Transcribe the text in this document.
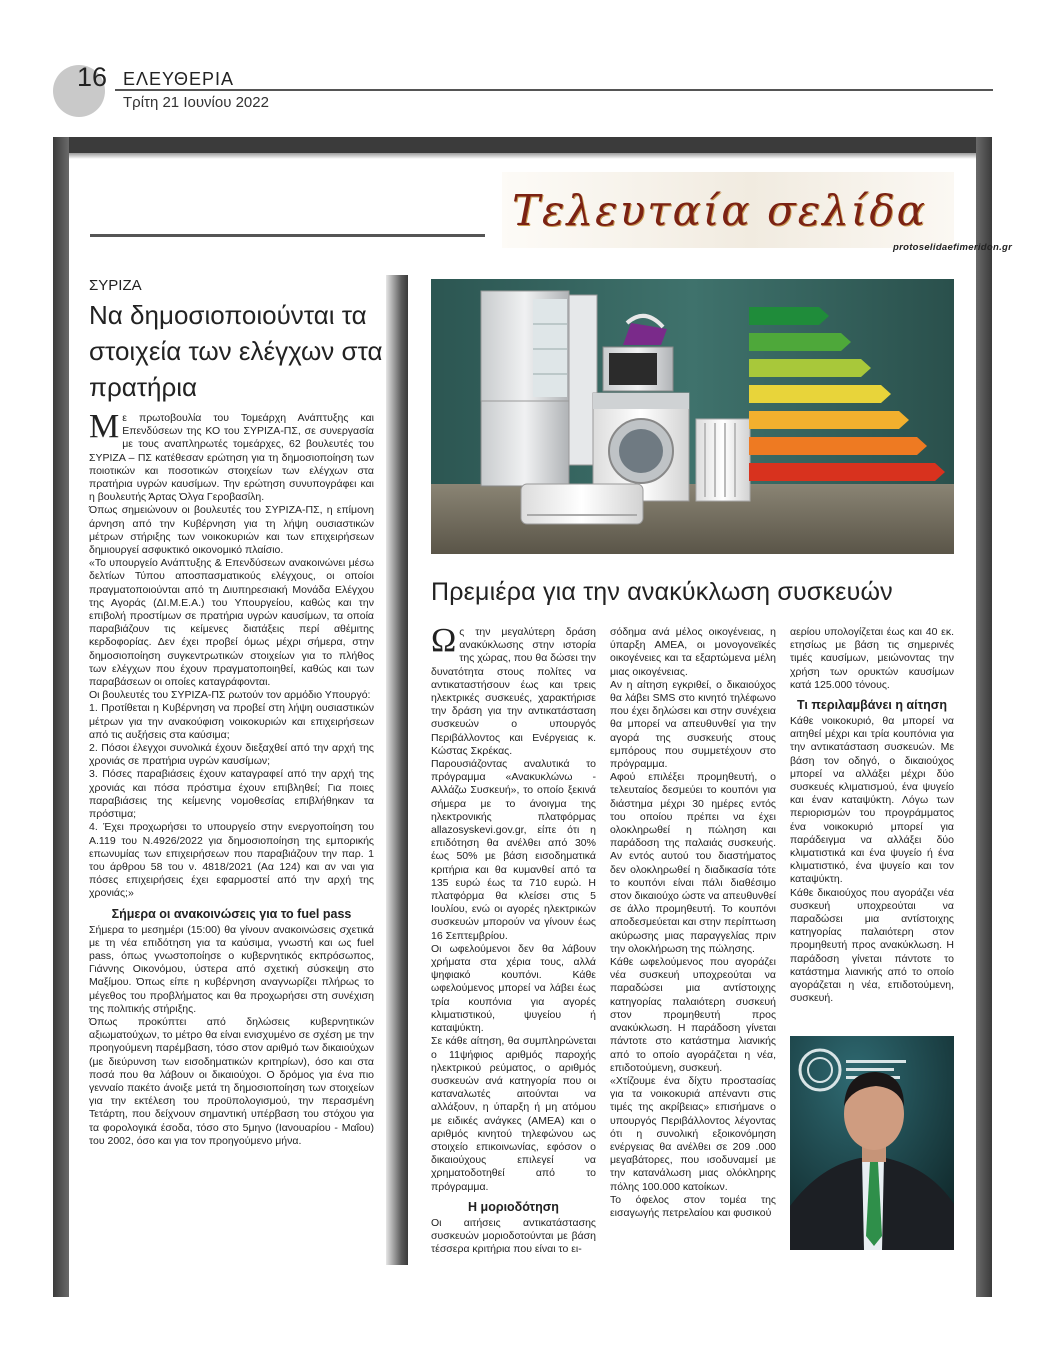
16 ΕΛΕΥΘΕΡΙΑ
Τρίτη 21 Ιουνίου 2022
Τελευταία σελίδα
protoselidaefimeridon.gr
ΣΥΡΙΖΑ
Να δημοσιοποιούνται τα στοιχεία των ελέγχων στα πρατήρια

Με πρωτοβουλία του Τομεάρχη Ανάπτυξης και Επενδύσεων της ΚΟ του ΣΥΡΙΖΑ-ΠΣ, σε συνεργασία με τους αναπληρωτές τομεάρχες, 62 βουλευτές του ΣΥΡΙΖΑ – ΠΣ κατέθεσαν ερώτηση για τη δημοσιοποίηση των ποιοτικών και ποσοτικών στοιχείων των ελέγχων στα πρατήρια υγρών καυσίμων. Την ερώτηση συνυπογράφει και η βουλευτής Άρτας Όλγα Γεροβασίλη.

Όπως σημειώνουν οι βουλευτές του ΣΥΡΙΖΑ-ΠΣ, η επίμονη άρνηση από την Κυβέρνηση για τη λήψη ουσιαστικών μέτρων στήριξης των νοικοκυριών και των επιχειρήσεων δημιουργεί ασφυκτικό οικονομικό πλαίσιο.

«Το υπουργείο Ανάπτυξης & Επενδύσεων ανακοινώνει μέσω δελτίων Τύπου αποσπασματικούς ελέγχους, οι οποίοι πραγματοποιούνται από τη Διυπηρεσιακή Μονάδα Ελέγχου της Αγοράς (ΔΙ.Μ.Ε.Α.) του Υπουργείου, καθώς και την επιβολή προστίμων σε πρατήρια υγρών καυσίμων, τα οποία παραβιάζουν τις κείμενες διατάξεις περί αθέμιτης κερδοφορίας. Δεν έχει προβεί όμως μέχρι σήμερα, στην δημοσιοποίηση συγκεντρωτικών στοιχείων για το πλήθος των ελέγχων που έχουν πραγματοποιηθεί, καθώς και των παραβάσεων οι οποίες καταγράφονται.

Οι βουλευτές του ΣΥΡΙΖΑ-ΠΣ ρωτούν τον αρμόδιο Υπουργό:

1. Προτίθεται η Κυβέρνηση να προβεί στη λήψη ουσιαστικών μέτρων για την ανακούφιση νοικοκυριών και επιχειρήσεων από τις αυξήσεις στα καύσιμα;

2. Πόσοι έλεγχοι συνολικά έχουν διεξαχθεί από την αρχή της χρονιάς σε πρατήρια υγρών καυσίμων;

3. Πόσες παραβιάσεις έχουν καταγραφεί από την αρχή της χρονιάς και πόσα πρόστιμα έχουν επιβληθεί; Για ποιες παραβιάσεις της κείμενης νομοθεσίας επιβλήθηκαν τα πρόστιμα;

4. Έχει προχωρήσει το υπουργείο στην ενεργοποίηση του Α.119 του Ν.4926/2022 για δημοσιοποίηση της εμπορικής επωνυμίας των επιχειρήσεων που παραβιάζουν την παρ. 1 του άρθρου 58 του ν. 4818/2021 (Αα 124) και αν ναι για πόσες επιχειρήσεις έχει εφαρμοστεί από την αρχή της χρονιάς;»

Σήμερα οι ανακοινώσεις για το fuel pass

Σήμερα το μεσημέρι (15:00) θα γίνουν ανακοινώσεις σχετικά με τη νέα επιδότηση για τα καύσιμα, γνωστή και ως fuel pass, όπως γνωστοποίησε ο κυβερνητικός εκπρόσωπος, Γιάννης Οικονόμου, ύστερα από σχετική σύσκεψη στο Μαξίμου. Όπως είπε η κυβέρνηση αναγνωρίζει πλήρως το μέγεθος του προβλήματος και θα προχωρήσει στη συνέχιση της πολιτικής στήριξης.

Όπως προκύπτει από δηλώσεις κυβερνητικών αξιωματούχων, το μέτρο θα είναι ενισχυμένο σε σχέση με την προηγούμενη παρέμβαση, τόσο στον αριθμό των δικαιούχων (με διεύρυνση των εισοδηματικών κριτηρίων), όσο και στα ποσά που θα λάβουν οι δικαιούχοι. Ο δρόμος για ένα πιο γενναίο πακέτο άνοιξε μετά τη δημοσιοποίηση των στοιχείων για την εκτέλεση του προϋπολογισμού, την περασμένη Τετάρτη, που δείχνουν σημαντική υπέρβαση του στόχου για τα φορολογικά έσοδα, τόσο στο 5μηνο (Ιανουαρίου - Μαΐου) του 2002, όσο και για τον προηγούμενο μήνα.

Πρεμιέρα για την ανακύκλωση συσκευών

Ως την μεγαλύτερη δράση ανακύκλωσης στην ιστορία της χώρας, που θα δώσει την δυνατότητα στους πολίτες να αντικαταστήσουν έως και τρεις ηλεκτρικές συσκευές, χαρακτήρισε την δράση για την αντικατάσταση συσκευών ο υπουργός Περιβάλλοντος και Ενέργειας κ. Κώστας Σκρέκας.

Παρουσιάζοντας αναλυτικά το πρόγραμμα «Ανακυκλώνω - Αλλάζω Συσκευή», το οποίο ξεκινά σήμερα με το άνοιγμα της ηλεκτρονικής πλατφόρμας allazosyskevi.gov.gr, είπε ότι η επιδότηση θα ανέλθει από 30% έως 50% με βάση εισοδηματικά κριτήρια και θα κυμανθεί από τα 135 ευρώ έως τα 710 ευρώ. Η πλατφόρμα θα κλείσει στις 5 Ιουλίου, ενώ οι αγορές ηλεκτρικών συσκευών μπορούν να γίνουν έως 16 Σεπτεμβρίου.

Οι ωφελούμενοι δεν θα λάβουν χρήματα στα χέρια τους, αλλά ψηφιακό κουπόνι. Κάθε ωφελούμενος μπορεί να λάβει έως τρία κουπόνια για αγορές κλιματιστικού, ψυγείου ή καταψύκτη.

Σε κάθε αίτηση, θα συμπληρώνεται ο 11ψήφιος αριθμός παροχής ηλεκτρικού ρεύματος, ο αριθμός συσκευών ανά κατηγορία που οι καταναλωτές αιτούνται να αλλάξουν, η ύπαρξη ή μη ατόμου με ειδικές ανάγκες (ΑΜΕΑ) και ο αριθμός κινητού τηλεφώνου ως στοιχείο επικοινωνίας, εφόσον ο δικαιούχους επιλεγεί να χρηματοδοτηθεί από το πρόγραμμα.

Η μοριοδότηση

Οι αιτήσεις αντικατάστασης συσκευών μοριοδοτούνται με βάση τέσσερα κριτήρια που είναι το ει-

σόδημα ανά μέλος οικογένειας, η ύπαρξη ΑΜΕΑ, οι μονογονεϊκές οικογένειες και τα εξαρτώμενα μέλη μιας οικογένειας.

Αν η αίτηση εγκριθεί, ο δικαιούχος θα λάβει SMS στο κινητό τηλέφωνο που έχει δηλώσει και στην συνέχεια θα μπορεί να απευθυνθεί για την αγορά της συσκευής στους εμπόρους που συμμετέχουν στο πρόγραμμα.

Αφού επιλέξει προμηθευτή, ο τελευταίος δεσμεύει το κουπόνι για διάστημα μέχρι 30 ημέρες εντός του οποίου πρέπει να έχει ολοκληρωθεί η πώληση και παράδοση της παλαιάς συσκευής. Αν εντός αυτού του διαστήματος δεν ολοκληρωθεί η διαδικασία τότε το κουπόνι είναι πάλι διαθέσιμο στον δικαιούχο ώστε να απευθυνθεί σε άλλο προμηθευτή. Το κουπόνι αποδεσμεύεται και στην περίπτωση ακύρωσης μιας παραγγελίας πριν την ολοκλήρωση της πώλησης.

Κάθε ωφελούμενος που αγοράζει νέα συσκευή υποχρεούται να παραδώσει μια αντίστοιχης κατηγορίας παλαιότερη συσκευή στον προμηθευτή προς ανακύκλωση. Η παράδοση γίνεται πάντοτε στο κατάστημα λιανικής από το οποίο αγοράζεται η νέα, επιδοτούμενη, συσκευή.

«Χτίζουμε ένα δίχτυ προστασίας για τα νοικοκυριά απέναντι στις τιμές της ακρίβειας» επισήμανε ο υπουργός Περιβάλλοντος λέγοντας ότι η συνολική εξοικονόμηση ενέργειας θα ανέλθει σε 209 .000 μεγαβάτορες, που ισοδυναμεί με την κατανάλωση μιας ολόκληρης πόλης 100.000 κατοίκων.

Το όφελος στον τομέα της εισαγωγής πετρελαίου και φυσικού

αερίου υπολογίζεται έως και 40 εκ. ετησίως με βάση τις σημερινές τιμές καυσίμων, μειώνοντας την χρήση των ορυκτών καυσίμων κατά 125.000 τόνους.

Τι περιλαμβάνει η αίτηση

Κάθε νοικοκυριό, θα μπορεί να αιτηθεί μέχρι και τρία κουπόνια για την αντικατάσταση συσκευών. Με βάση τον οδηγό, ο δικαιούχος μπορεί να αλλάξει μέχρι δύο συσκευές κλιματισμού, ένα ψυγείο και έναν καταψύκτη. Λόγω των περιορισμών του προγράμματος ένα νοικοκυριό μπορεί για παράδειγμα να αλλάξει δύο κλιματιστικά και ένα ψυγείο ή ένα κλιματιστικό, ένα ψυγείο και τον καταψύκτη.

Κάθε δικαιούχος που αγοράζει νέα συσκευή υποχρεούται να παραδώσει μια αντίστοιχης κατηγορίας παλαιότερη στον προμηθευτή προς ανακύκλωση. Η παράδοση γίνεται πάντοτε το κατάστημα λιανικής από το οποίο αγοράζεται η νέα, επιδοτούμενη, συσκευή.
